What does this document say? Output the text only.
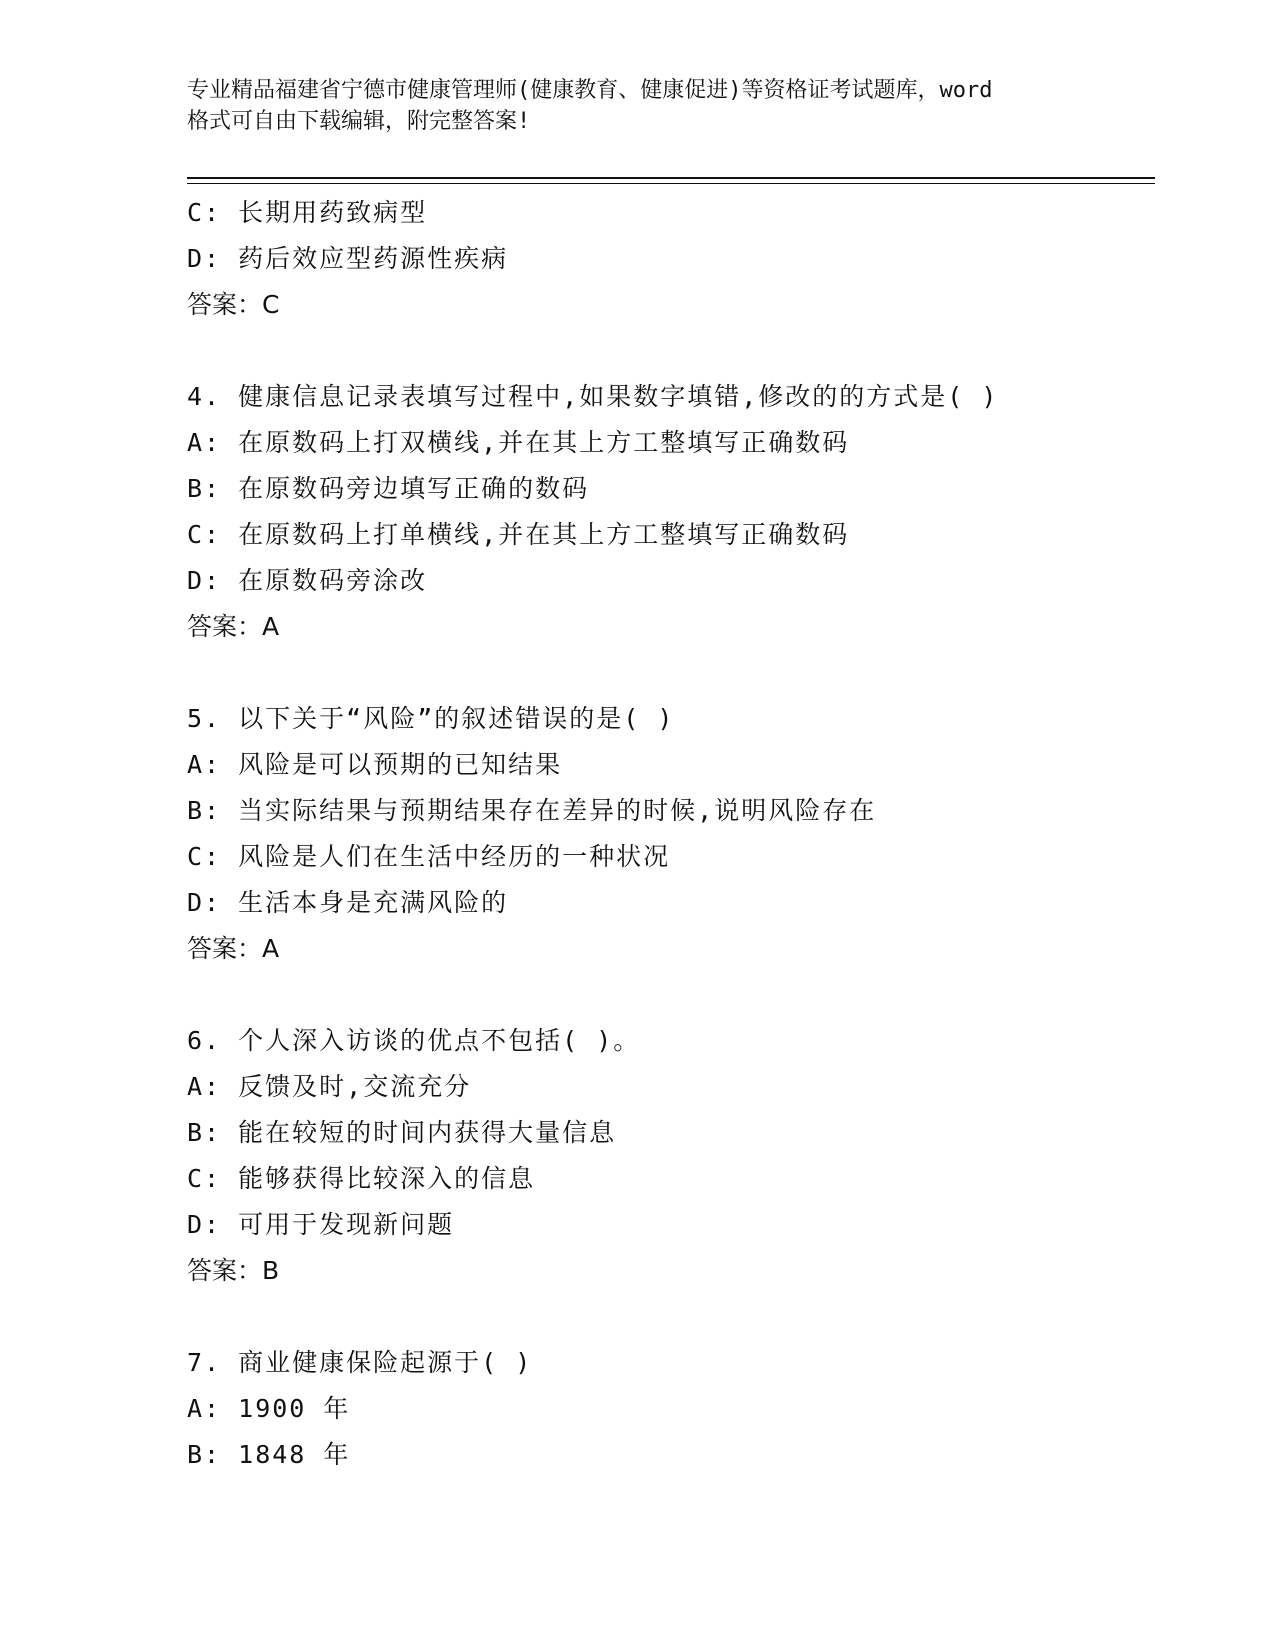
专业精品福建省宁德市健康管理师(健康教育、健康促进)等资格证考试题库，word
格式可自由下载编辑，附完整答案!
C: 长期用药致病型
D: 药后效应型药源性疾病
答案：C
4. 健康信息记录表填写过程中,如果数字填错,修改的的方式是( )
A: 在原数码上打双横线,并在其上方工整填写正确数码
B: 在原数码旁边填写正确的数码
C: 在原数码上打单横线,并在其上方工整填写正确数码
D: 在原数码旁涂改
答案：A
5. 以下关于“风险”的叙述错误的是( )
A: 风险是可以预期的已知结果
B: 当实际结果与预期结果存在差异的时候,说明风险存在
C: 风险是人们在生活中经历的一种状况
D: 生活本身是充满风险的
答案：A
6. 个人深入访谈的优点不包括( )。
A: 反馈及时,交流充分
B: 能在较短的时间内获得大量信息
C: 能够获得比较深入的信息
D: 可用于发现新问题
答案：B
7. 商业健康保险起源于( )
A: 1900 年
B: 1848 年
